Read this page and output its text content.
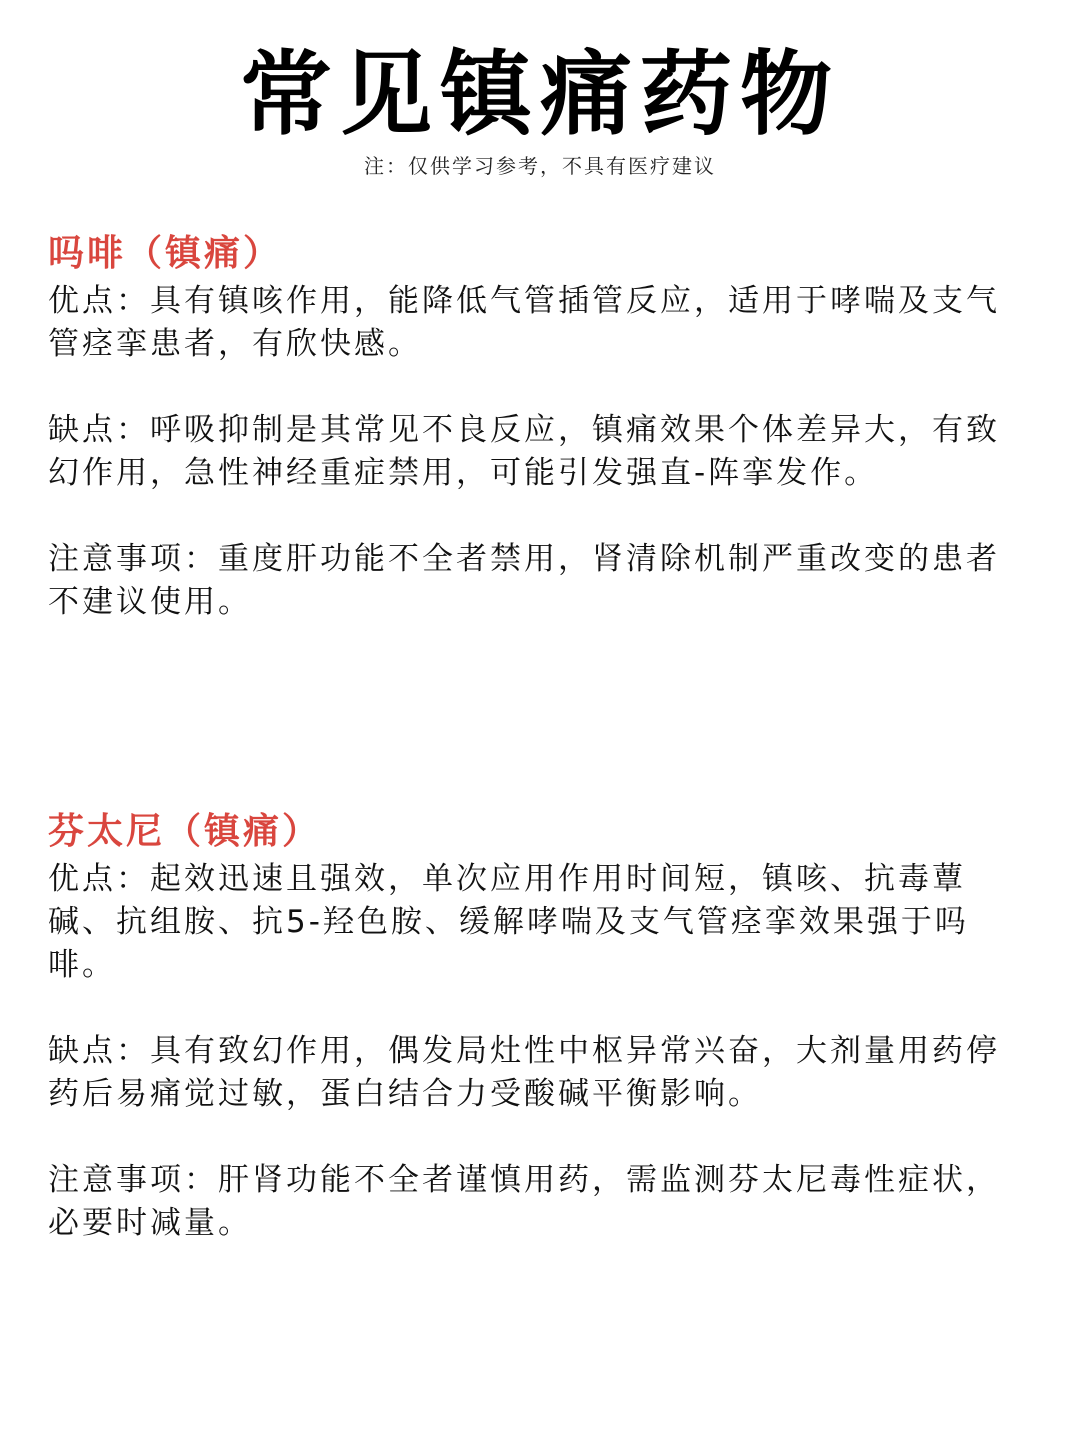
常见镇痛药物

注：仅供学习参考，不具有医疗建议

吗啡（镇痛）

优点：具有镇咳作用，能降低气管插管反应，适用于哮喘及支气管痉挛患者，有欣快感。

缺点：呼吸抑制是其常见不良反应，镇痛效果个体差异大，有致幻作用，急性神经重症禁用，可能引发强直-阵挛发作。

注意事项：重度肝功能不全者禁用，肾清除机制严重改变的患者不建议使用。

芬太尼（镇痛）

优点：起效迅速且强效，单次应用作用时间短，镇咳、抗毒蕈碱、抗组胺、抗5-羟色胺、缓解哮喘及支气管痉挛效果强于吗啡。

缺点：具有致幻作用，偶发局灶性中枢异常兴奋，大剂量用药停药后易痛觉过敏，蛋白结合力受酸碱平衡影响。

注意事项：肝肾功能不全者谨慎用药，需监测芬太尼毒性症状，必要时减量。
